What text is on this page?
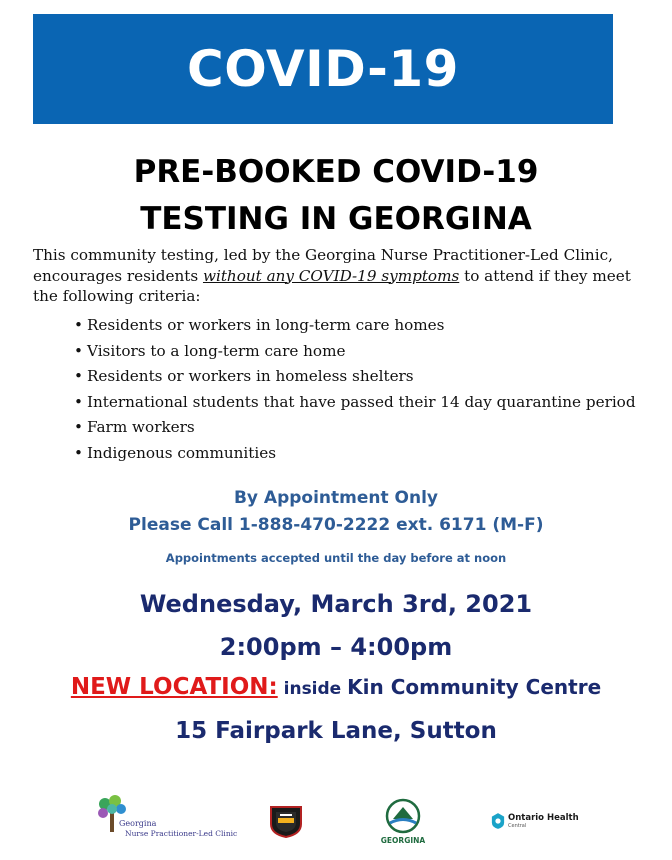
COVID-19
PRE-BOOKED COVID-19
TESTING IN GEORGINA

This community testing, led by the Georgina Nurse Practitioner-Led Clinic, encourages residents without any COVID-19 symptoms to attend if they meet the following criteria:

• Residents or workers in long-term care homes
• Visitors to a long-term care home
• Residents or workers in homeless shelters
• International students that have passed their 14 day quarantine period
• Farm workers
• Indigenous communities
By Appointment Only
Please Call 1-888-470-2222 ext. 6171 (M-F)
Appointments accepted until the day before at noon
Wednesday, March 3rd, 2021
2:00pm – 4:00pm
NEW LOCATION: inside Kin Community Centre
15 Fairpark Lane, Sutton
Georgina
Nurse Practitioner-Led Clinic
GEORGINA
Ontario Health
Central
